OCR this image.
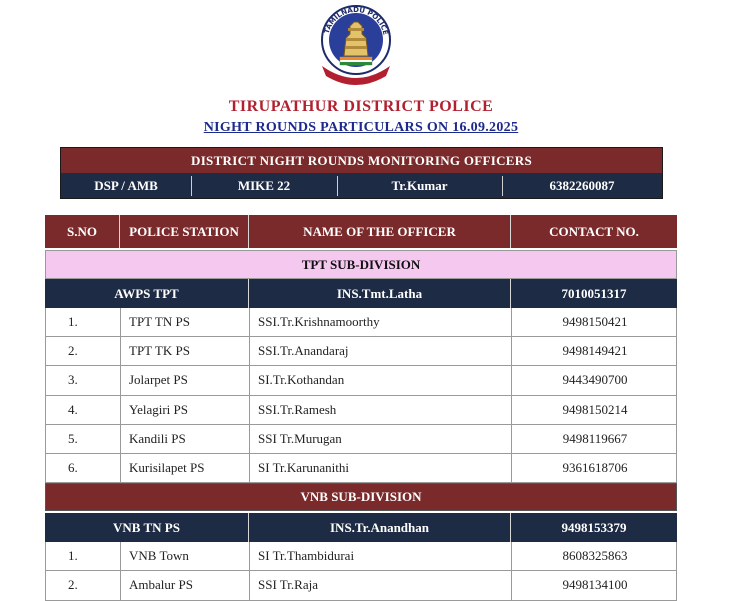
TAMILNADU POLICE
TIRUPATHUR DISTRICT POLICE
NIGHT ROUNDS PARTICULARS ON 16.09.2025
DISTRICT NIGHT ROUNDS MONITORING OFFICERS
DSP / AMB	MIKE 22	Tr.Kumar	6382260087
S.NO	POLICE STATION	NAME OF THE OFFICER	CONTACT NO.
TPT SUB-DIVISION
AWPS TPT	INS.Tmt.Latha	7010051317
1.	TPT TN PS	SSI.Tr.Krishnamoorthy	9498150421
2.	TPT TK PS	SSI.Tr.Anandaraj	9498149421
3.	Jolarpet PS	SI.Tr.Kothandan	9443490700
4.	Yelagiri PS	SSI.Tr.Ramesh	9498150214
5.	Kandili PS	SSI Tr.Murugan	9498119667
6.	Kurisilapet PS	SI Tr.Karunanithi	9361618706
VNB SUB-DIVISION
VNB TN PS	INS.Tr.Anandhan	9498153379
1.	VNB Town	SI Tr.Thambidurai	8608325863
2.	Ambalur PS	SSI Tr.Raja	9498134100
